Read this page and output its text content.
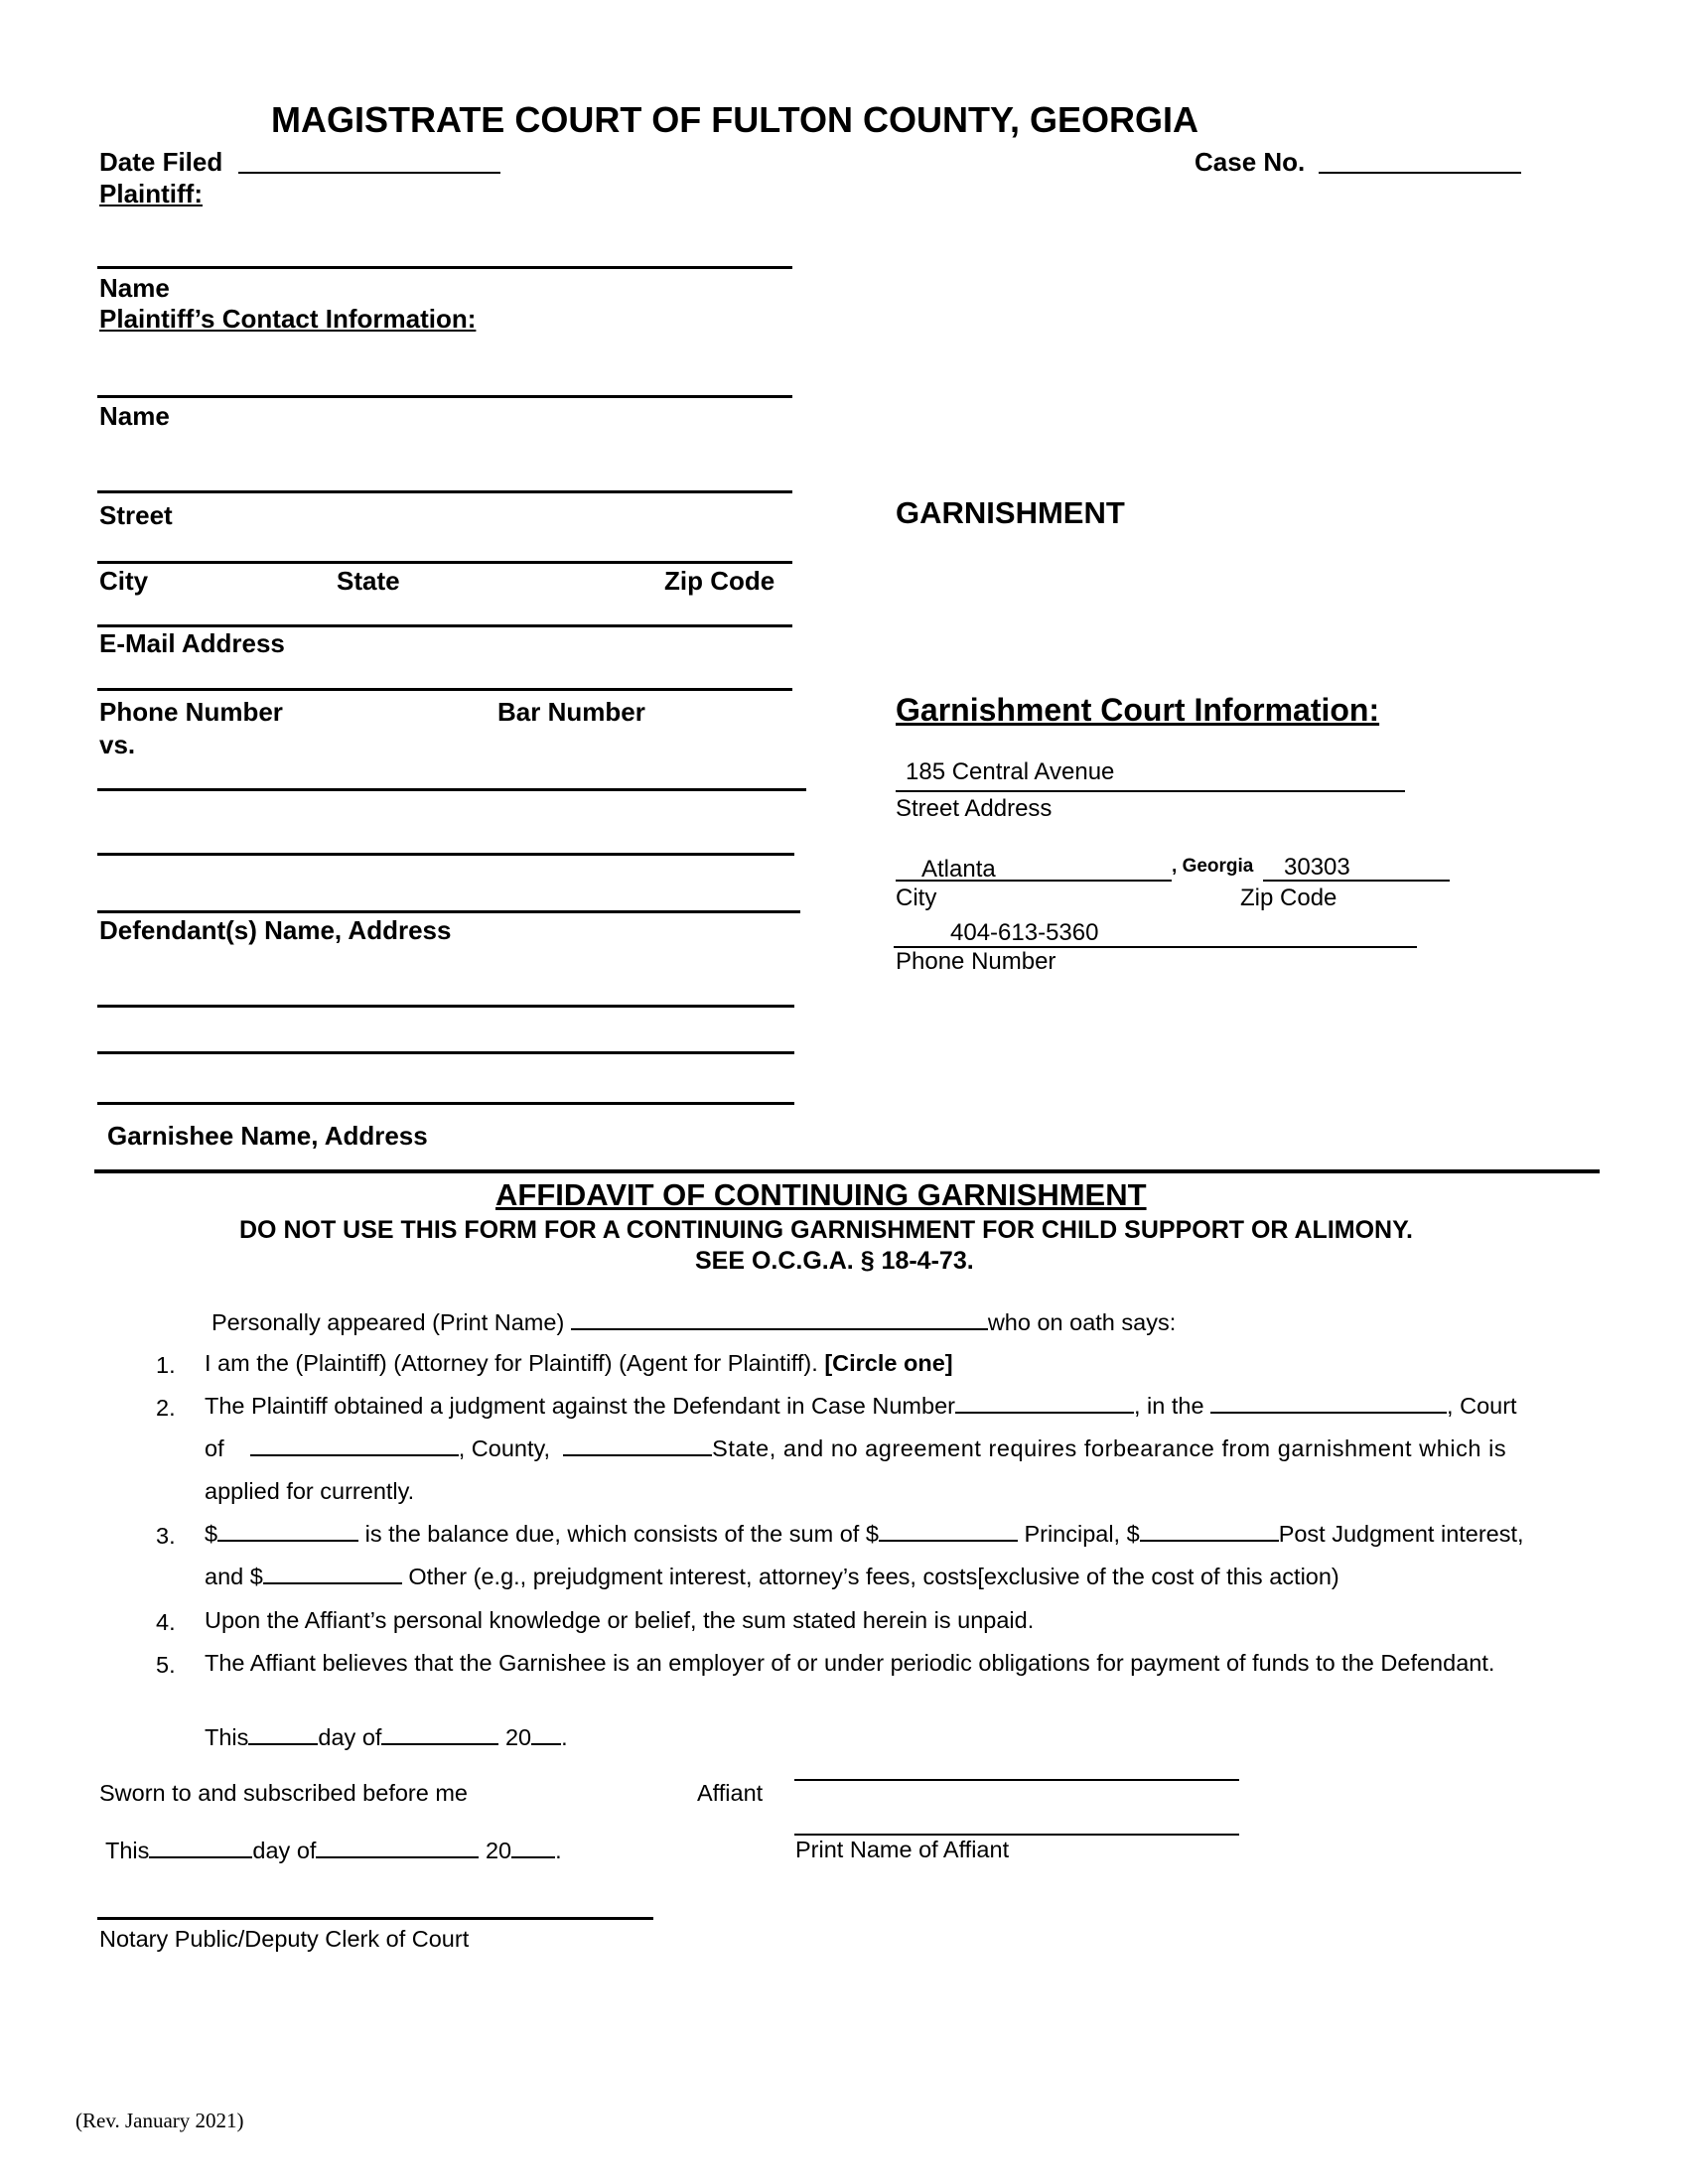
MAGISTRATE COURT OF FULTON COUNTY, GEORGIA
Date Filed	Case No.
Plaintiff:
Name
Plaintiff’s Contact Information:
Name
Street
City	State	Zip Code
E-Mail Address
Phone Number	Bar Number
vs.
Defendant(s) Name, Address
Garnishee Name, Address
GARNISHMENT
Garnishment Court Information:
185 Central Avenue
Street Address
Atlanta	, Georgia 30303
City	Zip Code
404-613-5360
Phone Number
AFFIDAVIT OF CONTINUING GARNISHMENT
DO NOT USE THIS FORM FOR A CONTINUING GARNISHMENT FOR CHILD SUPPORT OR ALIMONY.
SEE O.C.G.A. § 18-4-73.
Personally appeared (Print Name)	who on oath says:
1. I am the (Plaintiff) (Attorney for Plaintiff) (Agent for Plaintiff). [Circle one]
2. The Plaintiff obtained a judgment against the Defendant in Case Number	, in the	, Court
of	, County,	State, and no agreement requires forbearance from garnishment which is
applied for currently.
3. $	is the balance due, which consists of the sum of $	Principal, $	Post Judgment interest,
and $	Other (e.g., prejudgment interest, attorney’s fees, costs[exclusive of the cost of this action)
4. Upon the Affiant’s personal knowledge or belief, the sum stated herein is unpaid.
5. The Affiant believes that the Garnishee is an employer of or under periodic obligations for payment of funds to the Defendant.
This	day of	20 .
Sworn to and subscribed before me	Affiant
This	day of	20 .	Print Name of Affiant
Notary Public/Deputy Clerk of Court
(Rev. January 2021)
